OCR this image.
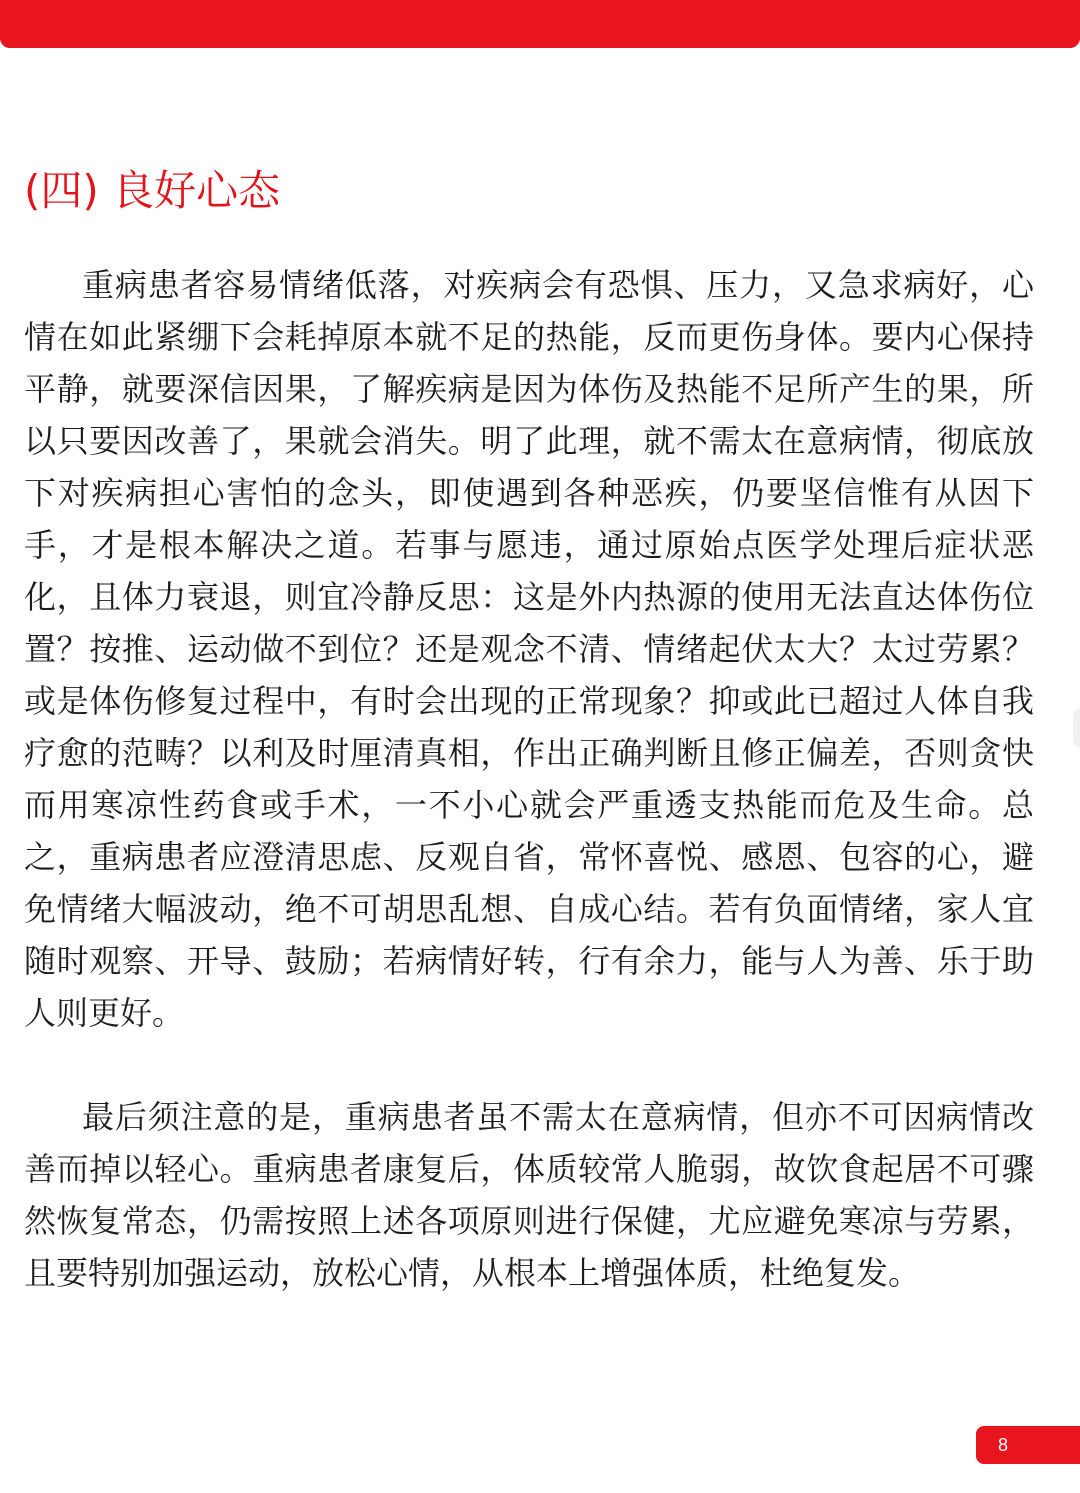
(四) 良好心态

重病患者容易情绪低落，对疾病会有恐惧、压力，又急求病好，心情在如此紧绷下会耗掉原本就不足的热能，反而更伤身体。要内心保持平静，就要深信因果，了解疾病是因为体伤及热能不足所产生的果，所以只要因改善了，果就会消失。明了此理，就不需太在意病情，彻底放下对疾病担心害怕的念头，即使遇到各种恶疾，仍要坚信惟有从因下手，才是根本解决之道。若事与愿违，通过原始点医学处理后症状恶化，且体力衰退，则宜冷静反思：这是外内热源的使用无法直达体伤位置？按推、运动做不到位？还是观念不清、情绪起伏太大？太过劳累？或是体伤修复过程中，有时会出现的正常现象？抑或此已超过人体自我疗愈的范畴？以利及时厘清真相，作出正确判断且修正偏差，否则贪快而用寒凉性药食或手术，一不小心就会严重透支热能而危及生命。总之，重病患者应澄清思虑、反观自省，常怀喜悦、感恩、包容的心，避免情绪大幅波动，绝不可胡思乱想、自成心结。若有负面情绪，家人宜随时观察、开导、鼓励；若病情好转，行有余力，能与人为善、乐于助人则更好。

最后须注意的是，重病患者虽不需太在意病情，但亦不可因病情改善而掉以轻心。重病患者康复后，体质较常人脆弱，故饮食起居不可骤然恢复常态，仍需按照上述各项原则进行保健，尤应避免寒凉与劳累，且要特别加强运动，放松心情，从根本上增强体质，杜绝复发。

8
